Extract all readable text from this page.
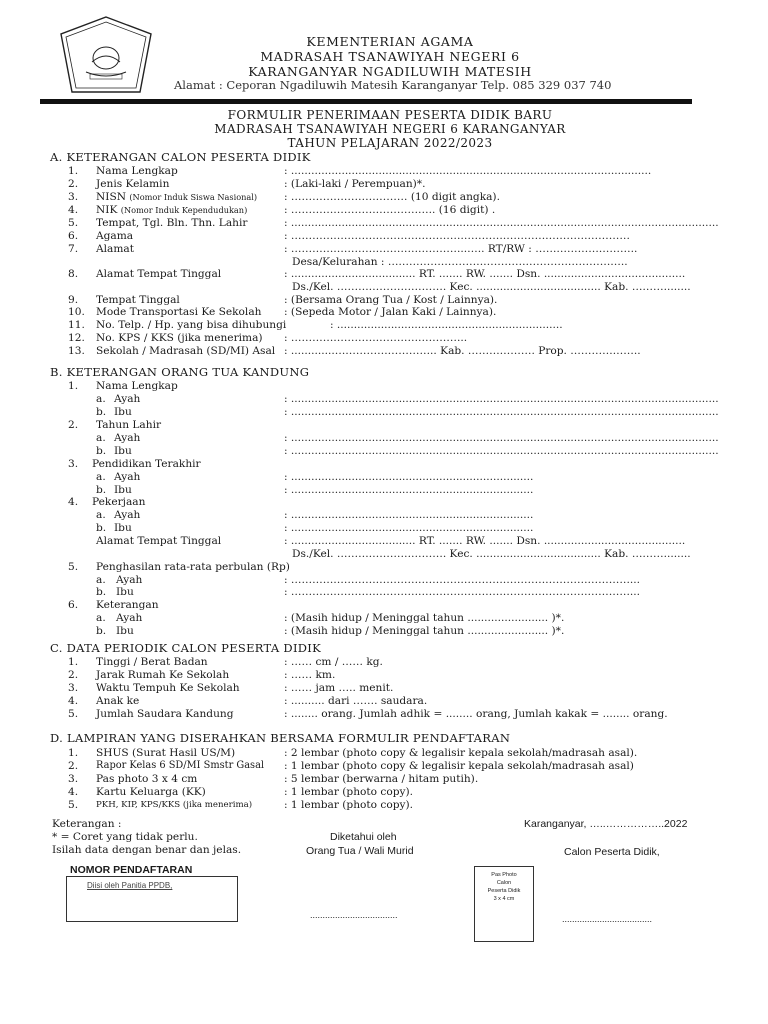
KEMENTERIAN AGAMA
MADRASAH TSANAWIYAH NEGERI 6
KARANGANYAR NGADILUWIH MATESIH
Alamat : Ceporan Ngadiluwih Matesih Karanganyar Telp. 085 329 037 740
FORMULIR PENERIMAAN PESERTA DIDIK BARU
MADRASAH TSANAWIYAH NEGERI 6 KARANGANYAR
TAHUN PELAJARAN 2022/2023
A. KETERANGAN CALON PESERTA DIDIK
1. Nama Lengkap	: ...........................................................................................................
2. Jenis Kelamin	: (Laki-laki / Perempuan)*.
3. NISN (Nomor Induk Siswa Nasional)	: …………………………… (10 digit angka).
4. NIK (Nomor Induk Kependudukan)	: ………………………………….. (16 digit) .
5. Tempat, Tgl. Bln. Thn. Lahir	: ...............................................................................................................................
6. Agama	: ……………………………………………………………………………………
7. Alamat	: …………………………………………..….. RT/RW : ………………………..
Desa/Kelurahan : …………………………………………………………..
8. Alamat Tempat Tinggal	: ..................................... RT. ....... RW. ....... Dsn. ..........................................
Ds./Kel. …………………………. Kec. ..................................... Kab. ………........
9. Tempat Tinggal	: (Bersama Orang Tua / Kost / Lainnya).
10. Mode Transportasi Ke Sekolah : (Sepeda Motor / Jalan Kaki / Lainnya).
11. No. Telp. / Hp. yang bisa dihubungi	: ...................................................................
12. No. KPS / KKS (jika menerima) : …………………………………………..
13. Sekolah / Madrasah (SD/MI) Asal : .............……………………….. Kab. ………………. Prop. ………………..
B. KETERANGAN ORANG TUA KANDUNG
1. Nama Lengkap
a. Ayah	: ...............................................................................................................................
b. Ibu	: ...............................................................................................................................
2. Tahun Lahir
a. Ayah	: ...............................................................................................................................
b. Ibu	: ...............................................................................................................................
3. Pendidikan Terakhir
a. Ayah	: ........................................................................
b. Ibu	: ........................................................................
4. Pekerjaan
a. Ayah	: ........................................................................
b. Ibu	: ........................................................................
Alamat Tempat Tinggal	: ..................................... RT. ....... RW. ....... Dsn. ..........................................
Ds./Kel. …………………………. Kec. ..................................... Kab. ………........
5. Penghasilan rata-rata perbulan (Rp)
a. Ayah	: ……………………………………………………………………………………...
b. Ibu	: ……………………………………………………………………………………...
6. Keterangan
a. Ayah	: (Masih hidup / Meninggal tahun ........................ )*.
b. Ibu	: (Masih hidup / Meninggal tahun ........................ )*.
C. DATA PERIODIK CALON PESERTA DIDIK
1. Tinggi / Berat Badan	: …… cm / …… kg.
2. Jarak Rumah Ke Sekolah	: …… km.
3. Waktu Tempuh Ke Sekolah	: …… jam ….. menit.
4. Anak ke	: .......... dari ……. saudara.
5. Jumlah Saudara Kandung	: ........ orang. Jumlah adhik = ........ orang, Jumlah kakak = ........ orang.
D. LAMPIRAN YANG DISERAHKAN BERSAMA FORMULIR PENDAFTARAN
1. SHUS (Surat Hasil US/M)	: 2 lembar (photo copy & legalisir kepala sekolah/madrasah asal).
2. Rapor Kelas 6 SD/MI Smstr Gasal : 1 lembar (photo copy & legalisir kepala sekolah/madrasah asal)
3. Pas photo 3 x 4 cm	: 5 lembar (berwarna / hitam putih).
4. Kartu Keluarga (KK)	: 1 lembar (photo copy).
5. PKH, KIP, KPS/KKS (jika menerima)	: 1 lembar (photo copy).
Keterangan :
* = Coret yang tidak perlu.
Isilah data dengan benar dan jelas.
Karanganyar, …..……………..2022
Diketahui oleh
Orang Tua / Wali Murid	Calon Peserta Didik,
NOMOR PENDAFTARAN
Diisi oleh Panitia PPDB,
Pas Photo
Calon
Peserta Didik
3 x 4 cm
...................................	....................................
